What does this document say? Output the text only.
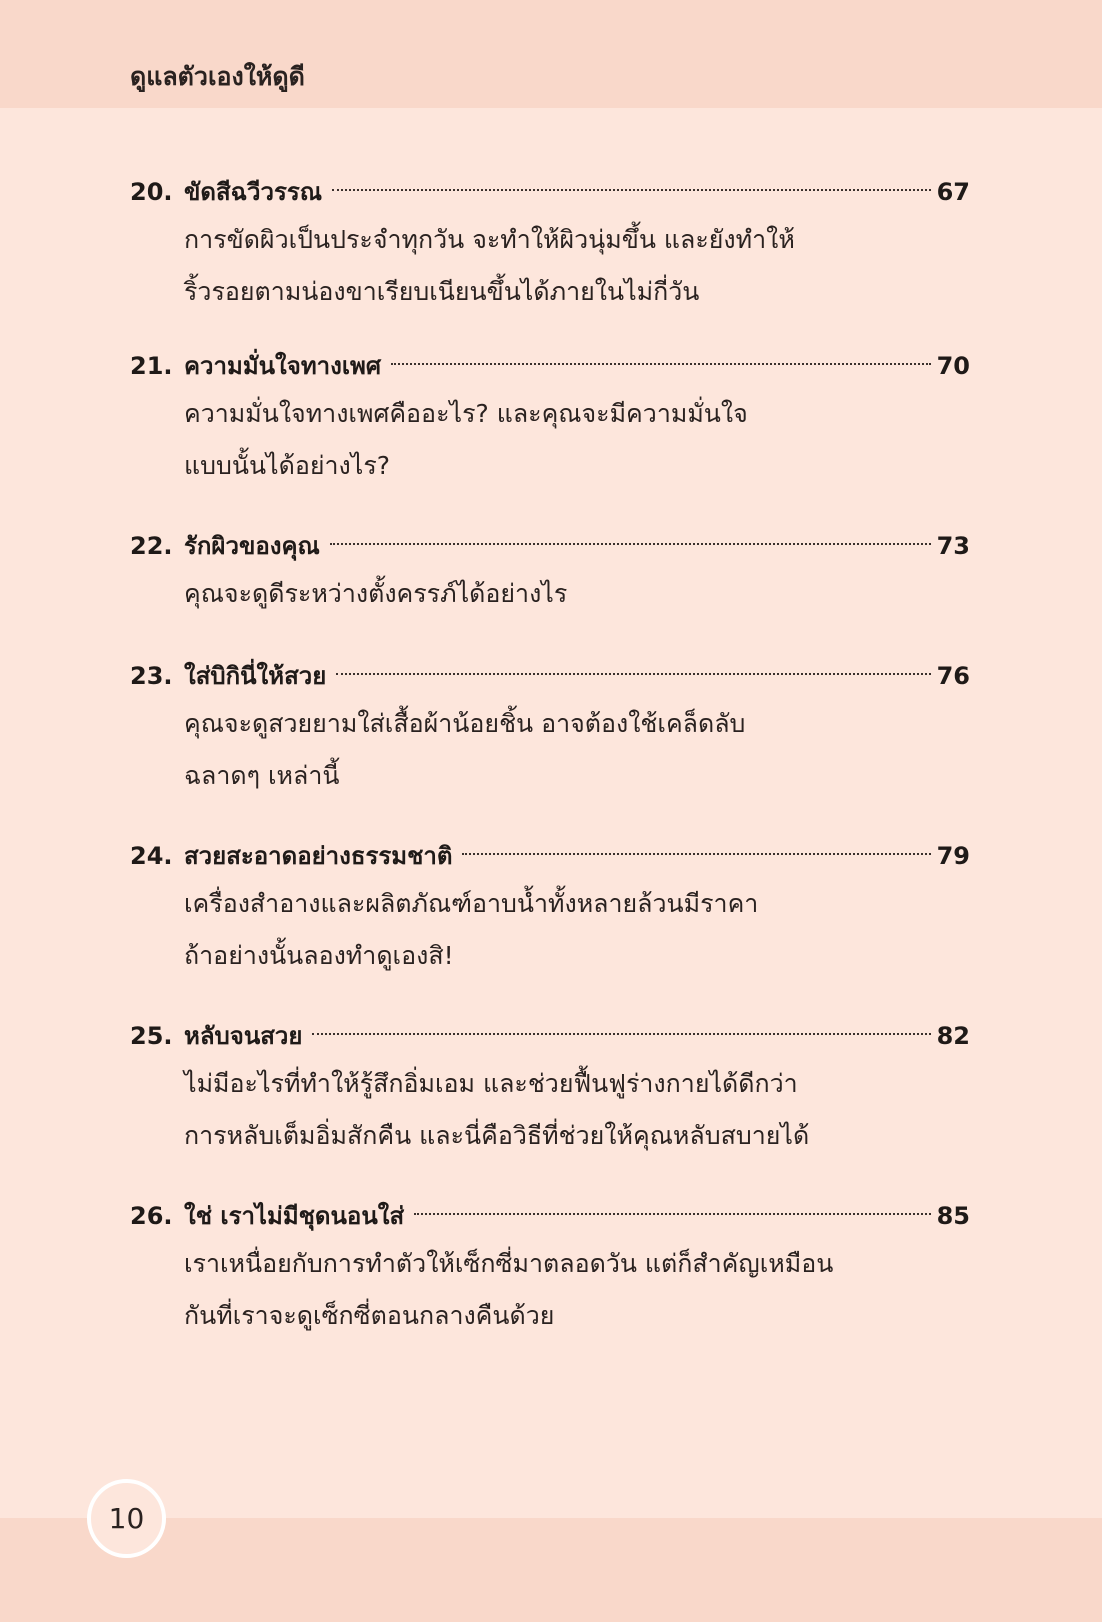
ดูแลตัวเองให้ดูดี
20. ขัดสีฉวีวรรณ	67
การขัดผิวเป็นประจำทุกวัน จะทำให้ผิวนุ่มขึ้น และยังทำให้
ริ้วรอยตามน่องขาเรียบเนียนขึ้นได้ภายในไม่กี่วัน
21. ความมั่นใจทางเพศ	70
ความมั่นใจทางเพศคืออะไร? และคุณจะมีความมั่นใจ
แบบนั้นได้อย่างไร?
22. รักผิวของคุณ	73
คุณจะดูดีระหว่างตั้งครรภ์ได้อย่างไร
23. ใส่บิกินี่ให้สวย	76
คุณจะดูสวยยามใส่เสื้อผ้าน้อยชิ้น อาจต้องใช้เคล็ดลับ
ฉลาดๆ เหล่านี้
24. สวยสะอาดอย่างธรรมชาติ	79
เครื่องสำอางและผลิตภัณฑ์อาบน้ำทั้งหลายล้วนมีราคา
ถ้าอย่างนั้นลองทำดูเองสิ!
25. หลับจนสวย	82
ไม่มีอะไรที่ทำให้รู้สึกอิ่มเอม และช่วยฟื้นฟูร่างกายได้ดีกว่า
การหลับเต็มอิ่มสักคืน และนี่คือวิธีที่ช่วยให้คุณหลับสบายได้
26. ใช่ เราไม่มีชุดนอนใส่	85
เราเหนื่อยกับการทำตัวให้เซ็กซี่มาตลอดวัน แต่ก็สำคัญเหมือน
กันที่เราจะดูเซ็กซี่ตอนกลางคืนด้วย
10
